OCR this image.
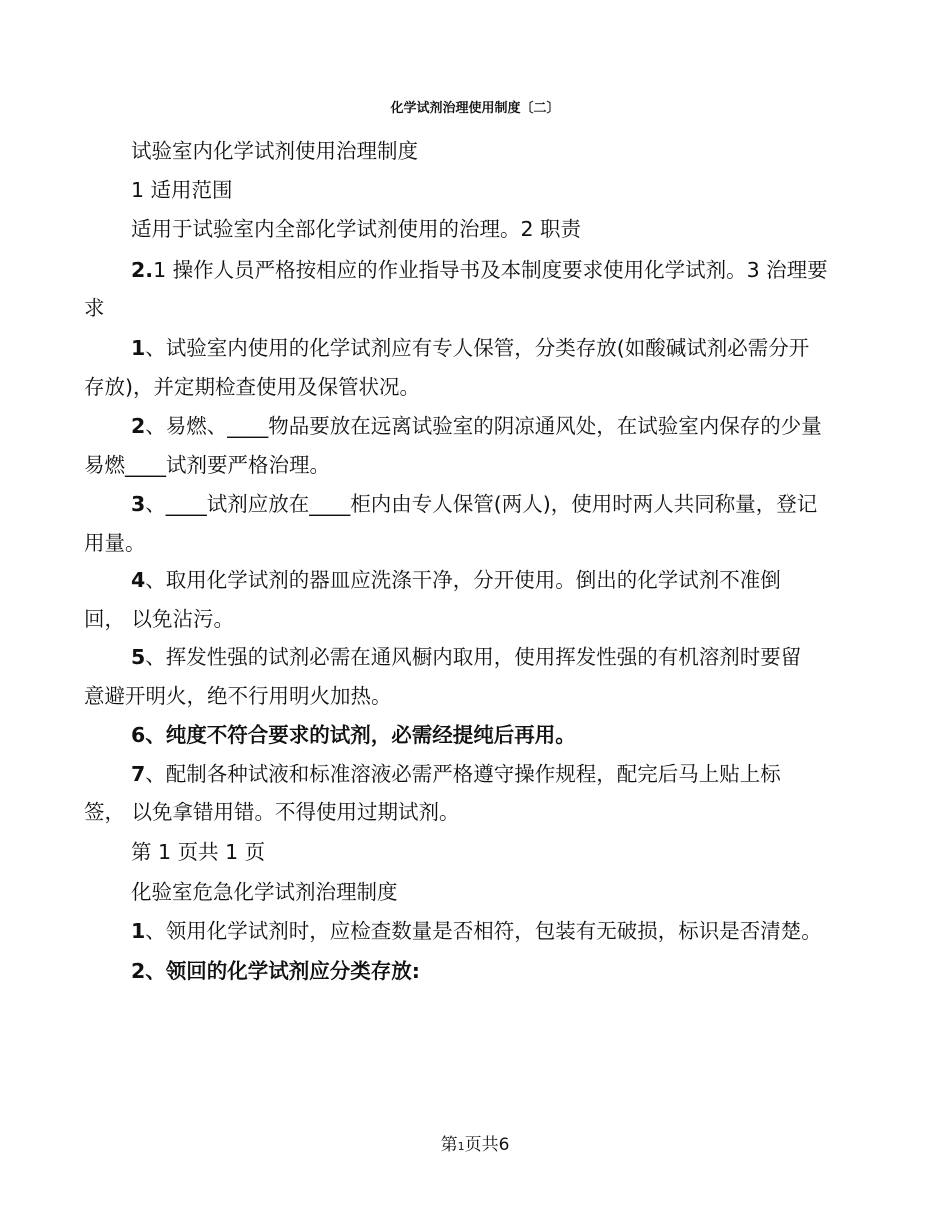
化学试剂治理使用制度〔二〕
试验室内化学试剂使用治理制度
1 适用范围
适用于试验室内全部化学试剂使用的治理。2 职责
2.1 操作人员严格按相应的作业指导书及本制度要求使用化学试剂。3 治理要
求
1、试验室内使用的化学试剂应有专人保管，分类存放(如酸碱试剂必需分开
存放)，并定期检查使用及保管状况。
2、易燃、____物品要放在远离试验室的阴凉通风处，在试验室内保存的少量
易燃____试剂要严格治理。
3、____试剂应放在____柜内由专人保管(两人)，使用时两人共同称量，登记
用量。
4、取用化学试剂的器皿应洗涤干净，分开使用。倒出的化学试剂不准倒
回， 以免沾污。
5、挥发性强的试剂必需在通风橱内取用，使用挥发性强的有机溶剂时要留
意避开明火，绝不行用明火加热。
6、纯度不符合要求的试剂，必需经提纯后再用。
7、配制各种试液和标准溶液必需严格遵守操作规程，配完后马上贴上标
签， 以免拿错用错。不得使用过期试剂。
第 1 页共 1 页
化验室危急化学试剂治理制度
1、领用化学试剂时，应检查数量是否相符，包装有无破损，标识是否清楚。
2、领回的化学试剂应分类存放:
第1页共6
